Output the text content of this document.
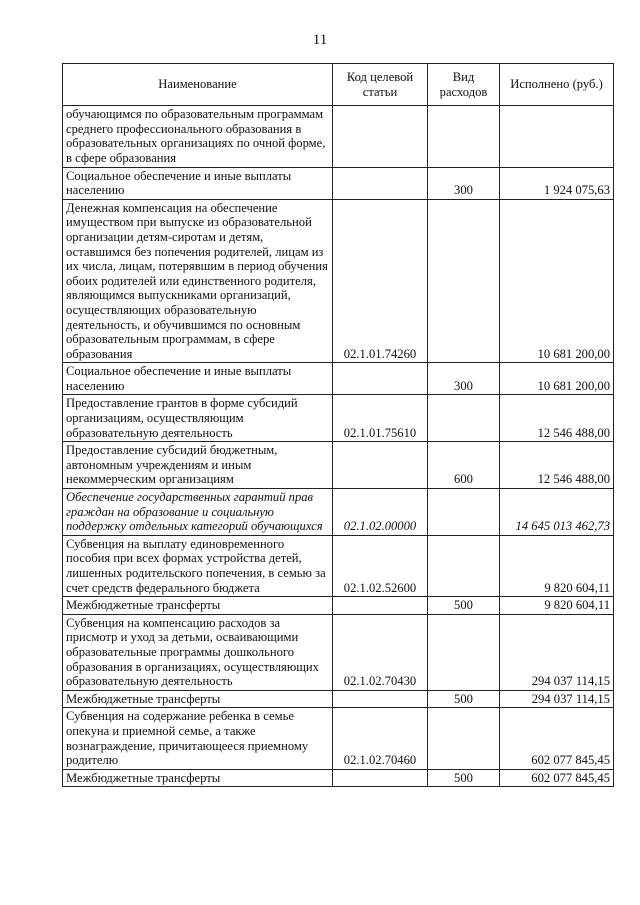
11
Наименование	Код целевой статьи	Вид расходов	Исполнено (руб.)
обучающимся по образовательным программам среднего профессионального образования в образовательных организациях по очной форме, в сфере образования			
Социальное обеспечение и иные выплаты населению		300	1 924 075,63
Денежная компенсация на обеспечение имуществом при выпуске из образовательной организации детям-сиротам и детям, оставшимся без попечения родителей, лицам из их числа, лицам, потерявшим в период обучения обоих родителей или единственного родителя, являющимся выпускниками организаций, осуществляющих образовательную деятельность, и обучившимся по основным образовательным программам, в сфере образования	02.1.01.74260		10 681 200,00
Социальное обеспечение и иные выплаты населению		300	10 681 200,00
Предоставление грантов в форме субсидий организациям, осуществляющим образовательную деятельность	02.1.01.75610		12 546 488,00
Предоставление субсидий бюджетным, автономным учреждениям и иным некоммерческим организациям		600	12 546 488,00
Обеспечение государственных гарантий прав граждан на образование и социальную поддержку отдельных категорий обучающихся	02.1.02.00000		14 645 013 462,73
Субвенция на выплату единовременного пособия при всех формах устройства детей, лишенных родительского попечения, в семью за счет средств федерального бюджета	02.1.02.52600		9 820 604,11
Межбюджетные трансферты		500	9 820 604,11
Субвенция на компенсацию расходов за присмотр и уход за детьми, осваивающими образовательные программы дошкольного образования в организациях, осуществляющих образовательную деятельность	02.1.02.70430		294 037 114,15
Межбюджетные трансферты		500	294 037 114,15
Субвенция на содержание ребенка в семье опекуна и приемной семье, а также вознаграждение, причитающееся приемному родителю	02.1.02.70460		602 077 845,45
Межбюджетные трансферты		500	602 077 845,45
